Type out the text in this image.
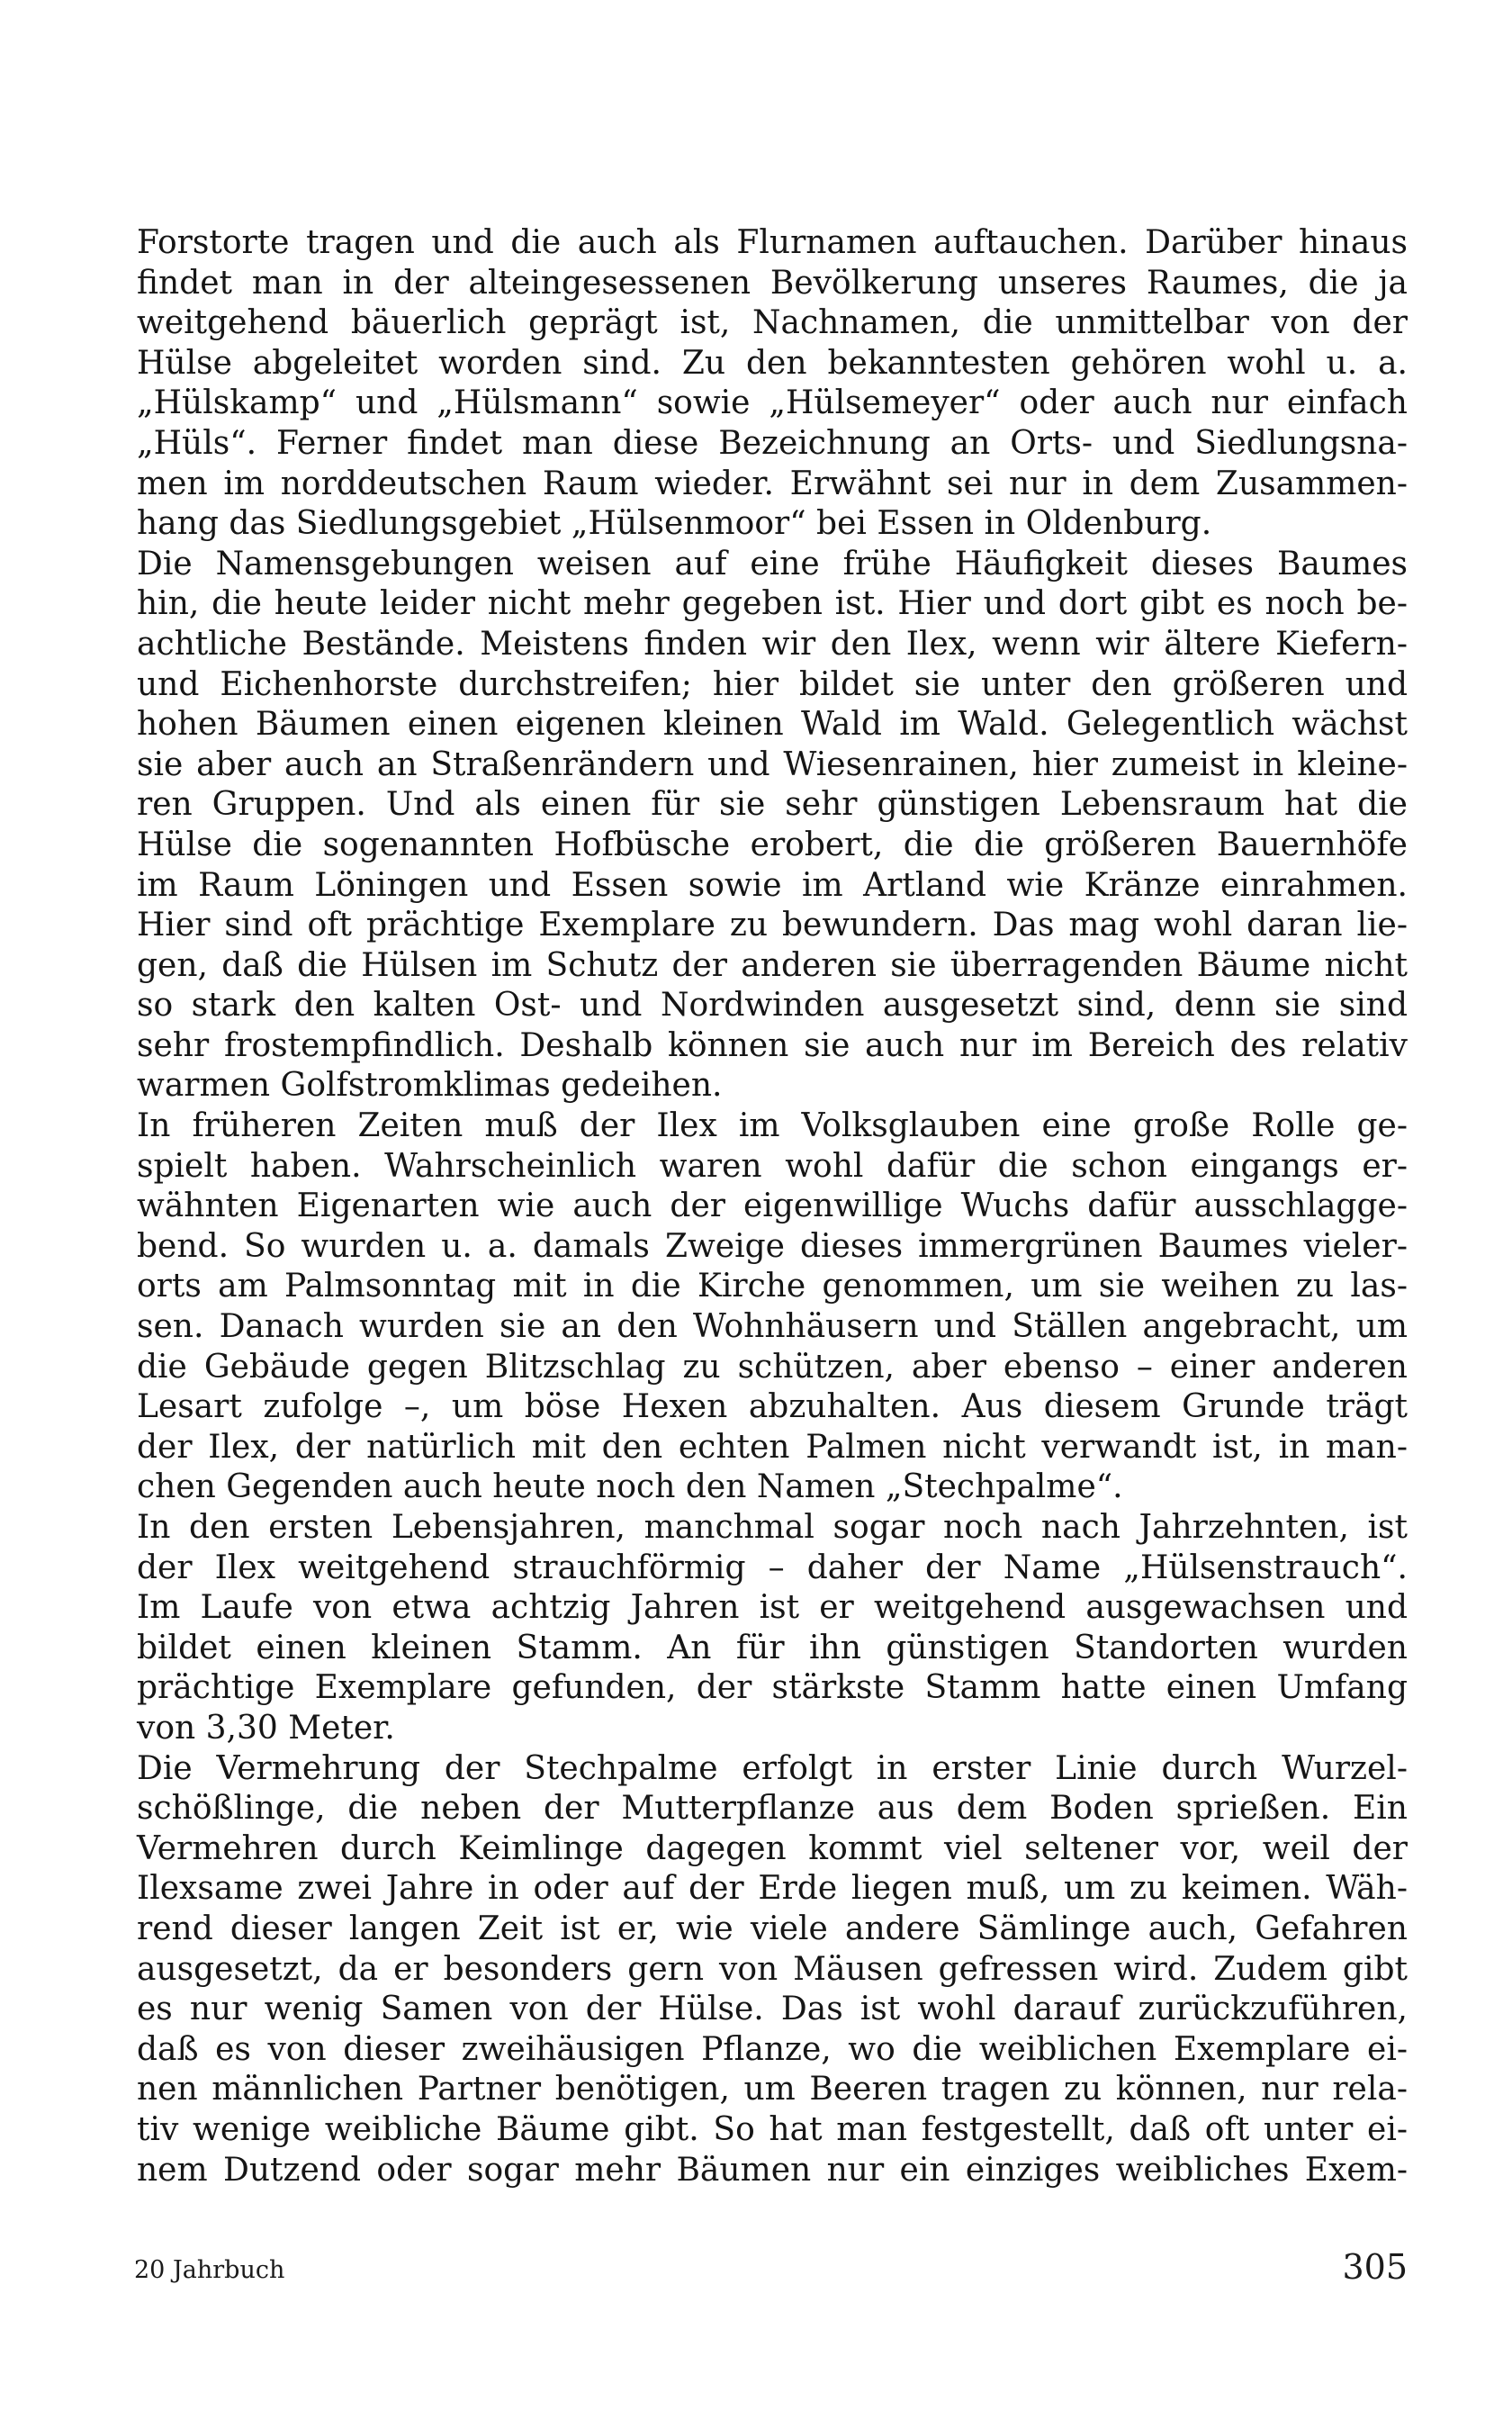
Forstorte tragen und die auch als Flurnamen auftauchen. Darüber hinaus
findet man in der alteingesessenen Bevölkerung unseres Raumes, die ja
weitgehend bäuerlich geprägt ist, Nachnamen, die unmittelbar von der
Hülse abgeleitet worden sind. Zu den bekanntesten gehören wohl u. a.
„Hülskamp“ und „Hülsmann“ sowie „Hülsemeyer“ oder auch nur einfach
„Hüls“. Ferner findet man diese Bezeichnung an Orts- und Siedlungsna-
men im norddeutschen Raum wieder. Erwähnt sei nur in dem Zusammen-
hang das Siedlungsgebiet „Hülsenmoor“ bei Essen in Oldenburg.
Die Namensgebungen weisen auf eine frühe Häufigkeit dieses Baumes
hin, die heute leider nicht mehr gegeben ist. Hier und dort gibt es noch be-
achtliche Bestände. Meistens finden wir den Ilex, wenn wir ältere Kiefern-
und Eichenhorste durchstreifen; hier bildet sie unter den größeren und
hohen Bäumen einen eigenen kleinen Wald im Wald. Gelegentlich wächst
sie aber auch an Straßenrändern und Wiesenrainen, hier zumeist in kleine-
ren Gruppen. Und als einen für sie sehr günstigen Lebensraum hat die
Hülse die sogenannten Hofbüsche erobert, die die größeren Bauernhöfe
im Raum Löningen und Essen sowie im Artland wie Kränze einrahmen.
Hier sind oft prächtige Exemplare zu bewundern. Das mag wohl daran lie-
gen, daß die Hülsen im Schutz der anderen sie überragenden Bäume nicht
so stark den kalten Ost- und Nordwinden ausgesetzt sind, denn sie sind
sehr frostempfindlich. Deshalb können sie auch nur im Bereich des relativ
warmen Golfstromklimas gedeihen.
In früheren Zeiten muß der Ilex im Volksglauben eine große Rolle ge-
spielt haben. Wahrscheinlich waren wohl dafür die schon eingangs er-
wähnten Eigenarten wie auch der eigenwillige Wuchs dafür ausschlagge-
bend. So wurden u. a. damals Zweige dieses immergrünen Baumes vieler-
orts am Palmsonntag mit in die Kirche genommen, um sie weihen zu las-
sen. Danach wurden sie an den Wohnhäusern und Ställen angebracht, um
die Gebäude gegen Blitzschlag zu schützen, aber ebenso – einer anderen
Lesart zufolge –, um böse Hexen abzuhalten. Aus diesem Grunde trägt
der Ilex, der natürlich mit den echten Palmen nicht verwandt ist, in man-
chen Gegenden auch heute noch den Namen „Stechpalme“.
In den ersten Lebensjahren, manchmal sogar noch nach Jahrzehnten, ist
der Ilex weitgehend strauchförmig – daher der Name „Hülsenstrauch“.
Im Laufe von etwa achtzig Jahren ist er weitgehend ausgewachsen und
bildet einen kleinen Stamm. An für ihn günstigen Standorten wurden
prächtige Exemplare gefunden, der stärkste Stamm hatte einen Umfang
von 3,30 Meter.
Die Vermehrung der Stechpalme erfolgt in erster Linie durch Wurzel-
schößlinge, die neben der Mutterpflanze aus dem Boden sprießen. Ein
Vermehren durch Keimlinge dagegen kommt viel seltener vor, weil der
Ilexsame zwei Jahre in oder auf der Erde liegen muß, um zu keimen. Wäh-
rend dieser langen Zeit ist er, wie viele andere Sämlinge auch, Gefahren
ausgesetzt, da er besonders gern von Mäusen gefressen wird. Zudem gibt
es nur wenig Samen von der Hülse. Das ist wohl darauf zurückzuführen,
daß es von dieser zweihäusigen Pflanze, wo die weiblichen Exemplare ei-
nen männlichen Partner benötigen, um Beeren tragen zu können, nur rela-
tiv wenige weibliche Bäume gibt. So hat man festgestellt, daß oft unter ei-
nem Dutzend oder sogar mehr Bäumen nur ein einziges weibliches Exem-
20 Jahrbuch	305
